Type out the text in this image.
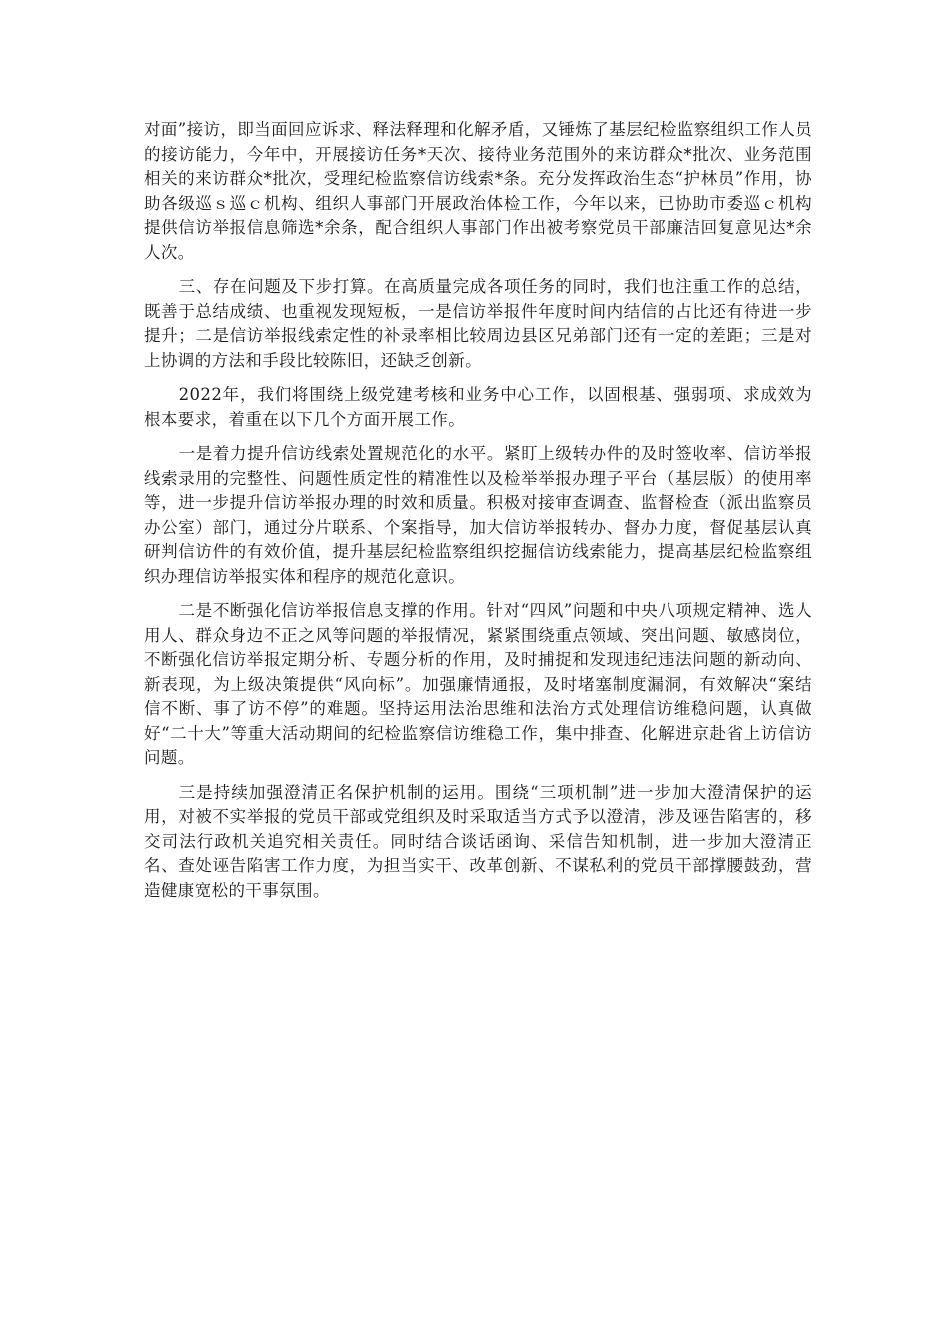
对面”接访，即当面回应诉求、释法释理和化解矛盾，又锤炼了基层纪检监察组织工作人员的接访能力，今年中，开展接访任务*天次、接待业务范围外的来访群众*批次、业务范围相关的来访群众*批次，受理纪检监察信访线索*条。充分发挥政治生态“护林员”作用，协助各级巡ｓ巡ｃ机构、组织人事部门开展政治体检工作，今年以来，已协助市委巡ｃ机构提供信访举报信息筛选*余条，配合组织人事部门作出被考察党员干部廉洁回复意见达*余人次。

三、存在问题及下步打算。在高质量完成各项任务的同时，我们也注重工作的总结，既善于总结成绩、也重视发现短板，一是信访举报件年度时间内结信的占比还有待进一步提升；二是信访举报线索定性的补录率相比较周边县区兄弟部门还有一定的差距；三是对上协调的方法和手段比较陈旧，还缺乏创新。

2022年，我们将围绕上级党建考核和业务中心工作，以固根基、强弱项、求成效为根本要求，着重在以下几个方面开展工作。

一是着力提升信访线索处置规范化的水平。紧盯上级转办件的及时签收率、信访举报线索录用的完整性、问题性质定性的精准性以及检举举报办理子平台（基层版）的使用率等，进一步提升信访举报办理的时效和质量。积极对接审查调查、监督检查（派出监察员办公室）部门，通过分片联系、个案指导，加大信访举报转办、督办力度，督促基层认真研判信访件的有效价值，提升基层纪检监察组织挖掘信访线索能力，提高基层纪检监察组织办理信访举报实体和程序的规范化意识。

二是不断强化信访举报信息支撑的作用。针对“四风”问题和中央八项规定精神、选人用人、群众身边不正之风等问题的举报情况，紧紧围绕重点领域、突出问题、敏感岗位，不断强化信访举报定期分析、专题分析的作用，及时捕捉和发现违纪违法问题的新动向、新表现，为上级决策提供“风向标”。加强廉情通报，及时堵塞制度漏洞，有效解决“案结信不断、事了访不停”的难题。坚持运用法治思维和法治方式处理信访维稳问题，认真做好“二十大”等重大活动期间的纪检监察信访维稳工作，集中排查、化解进京赴省上访信访问题。

三是持续加强澄清正名保护机制的运用。围绕“三项机制”进一步加大澄清保护的运用，对被不实举报的党员干部或党组织及时采取适当方式予以澄清，涉及诬告陷害的，移交司法行政机关追究相关责任。同时结合谈话函询、采信告知机制，进一步加大澄清正名、查处诬告陷害工作力度，为担当实干、改革创新、不谋私利的党员干部撑腰鼓劲，营造健康宽松的干事氛围。
